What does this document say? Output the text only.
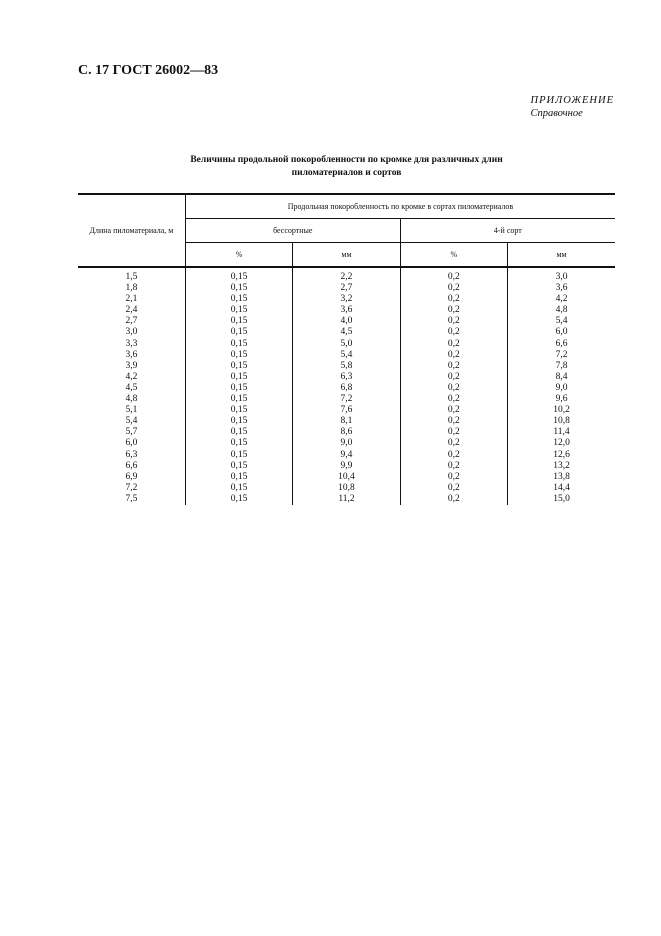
С. 17 ГОСТ 26002—83
ПРИЛОЖЕНИЕ
Справочное
Величины продольной покоробленности по кромке для различных длин
пиломатериалов и сортов
Длина пиломатериала, м	Продольная покоробленность по кромке в сортах пиломатериалов			
	бессортные		4-й сорт	
	%	мм	%	мм
1,5	0,15	2,2	0,2	3,0
1,8	0,15	2,7	0,2	3,6
2,1	0,15	3,2	0,2	4,2
2,4	0,15	3,6	0,2	4,8
2,7	0,15	4,0	0,2	5,4
3,0	0,15	4,5	0,2	6,0
3,3	0,15	5,0	0,2	6,6
3,6	0,15	5,4	0,2	7,2
3,9	0,15	5,8	0,2	7,8
4,2	0,15	6,3	0,2	8,4
4,5	0,15	6,8	0,2	9,0
4,8	0,15	7,2	0,2	9,6
5,1	0,15	7,6	0,2	10,2
5,4	0,15	8,1	0,2	10,8
5,7	0,15	8,6	0,2	11,4
6,0	0,15	9,0	0,2	12,0
6,3	0,15	9,4	0,2	12,6
6,6	0,15	9,9	0,2	13,2
6,9	0,15	10,4	0,2	13,8
7,2	0,15	10,8	0,2	14,4
7,5	0,15	11,2	0,2	15,0
